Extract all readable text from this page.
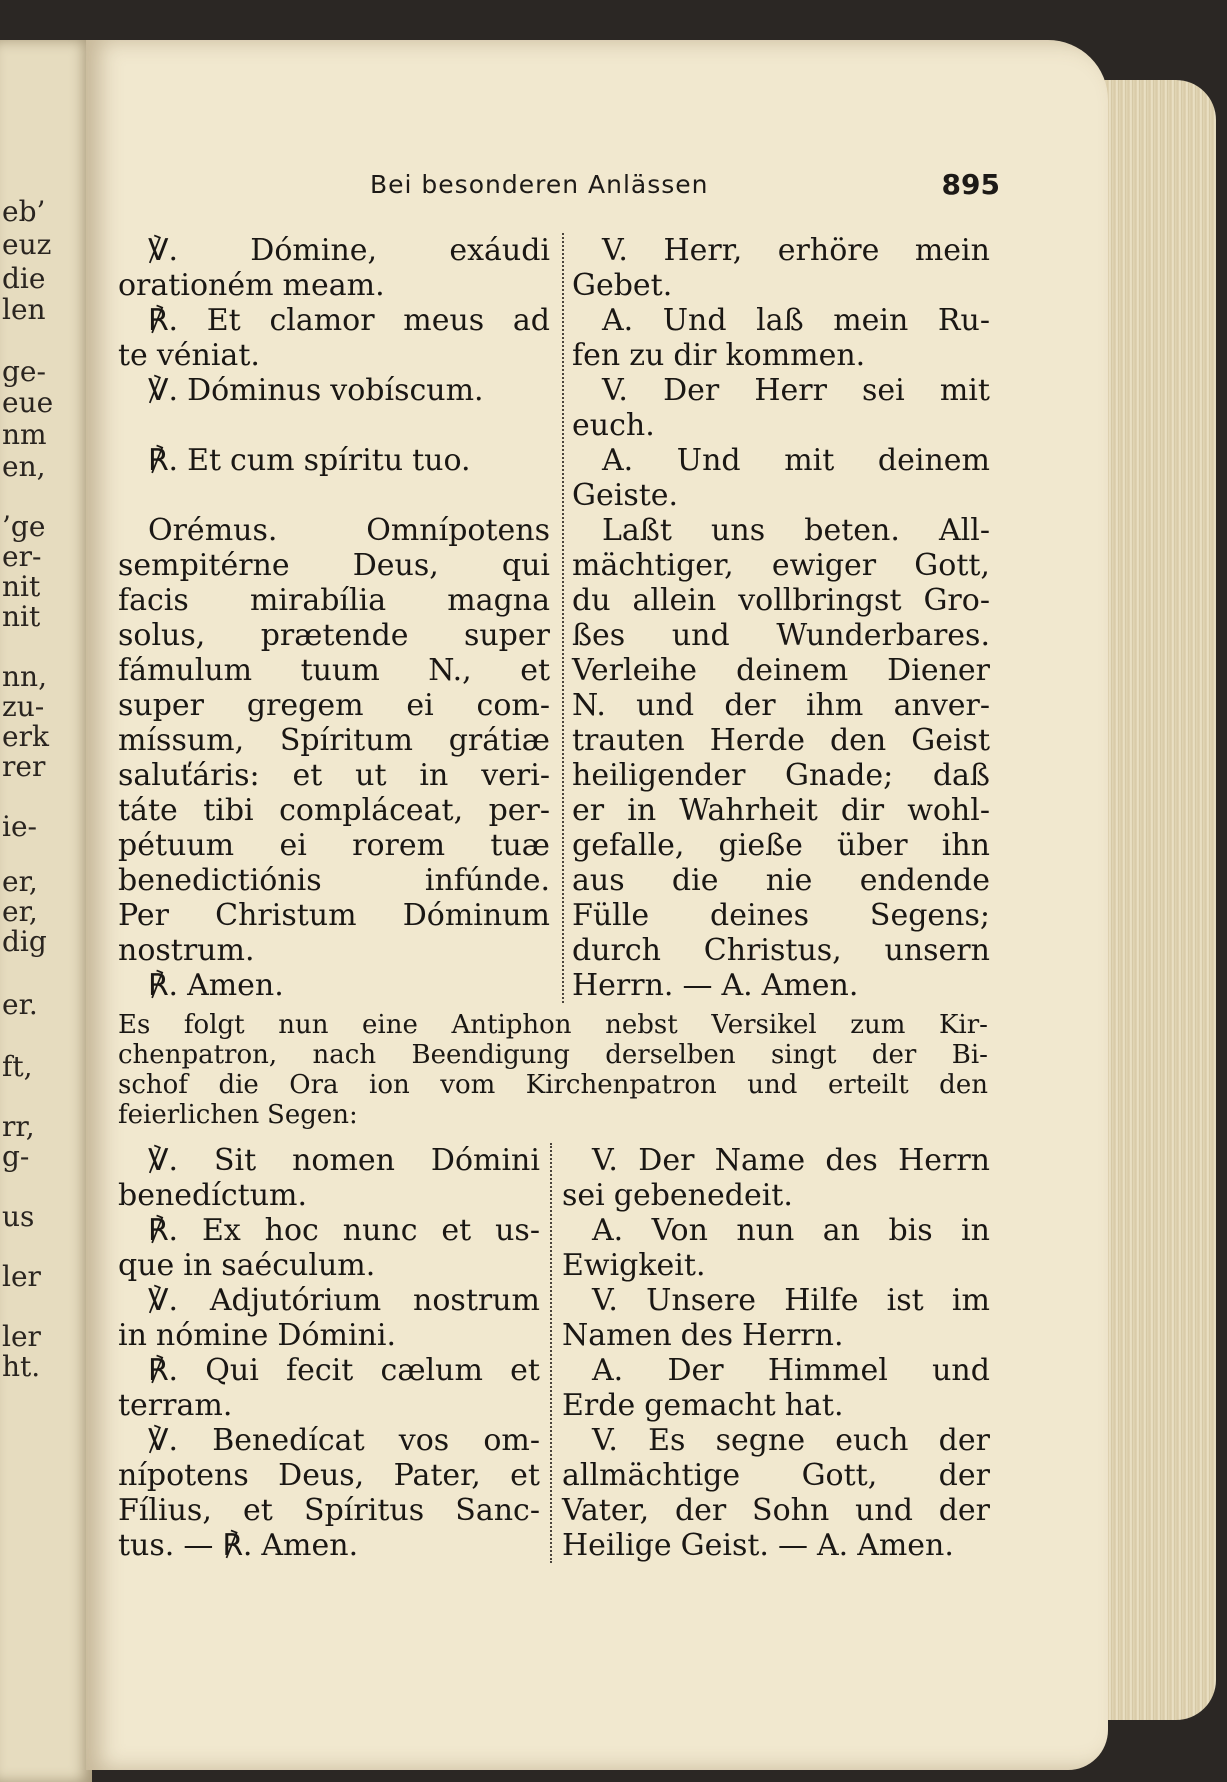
eb’
euz
die
len
ge-
eue
nm
en,
’ge
er-
nit
nit
nn,
zu-
erk
rer
ie-
er,
er,
dig
er.
ft,
rr,
g-
us
ler
ler
ht.
Bei besonderen Anlässen	895
℣. Dómine, exáudi
orationém meam.
℟. Et clamor meus ad
te véniat.
℣. Dóminus vobíscum.
℟. Et cum spíritu tuo.
Orémus.	Omnípotens
sempitérne Deus, qui
facis mirabília magna
solus, prætende super
fámulum tuum N., et
super gregem ei com-
míssum, Spíritum grátiæ
saluťáris: et ut in veri-
táte tibi compláceat, per-
pétuum ei rorem tuæ
benedictiónis	infúnde.
Per Christum Dóminum
nostrum.
℟. Amen.
V. Herr, erhöre mein
Gebet.
A. Und laß mein Ru-
fen zu dir kommen.
V. Der Herr sei mit
euch.
A. Und mit deinem
Geiste.
Laßt uns beten. All-
mächtiger, ewiger Gott,
du allein vollbringst Gro-
ßes und Wunderbares.
Verleihe deinem Diener
N. und der ihm anver-
trauten Herde den Geist
heiligender Gnade; daß
er in Wahrheit dir wohl-
gefalle, gieße über ihn
aus die nie endende
Fülle deines Segens;
durch Christus, unsern
Herrn. — A. Amen.
Es folgt nun eine Antiphon nebst Versikel zum Kir-
chenpatron, nach Beendigung derselben singt der Bi-
schof die Ora ion vom Kirchenpatron und erteilt den
feierlichen Segen:
℣. Sit nomen Dómini
benedíctum.
℟. Ex hoc nunc et us-
que in saéculum.
℣. Adjutórium nostrum
in nómine Dómini.
℟. Qui fecit cælum et
terram.
℣. Benedícat vos om-
nípotens Deus, Pater, et
Fílius, et Spíritus Sanc-
tus. — ℟. Amen.
V. Der Name des Herrn
sei gebenedeit.
A. Von nun an bis in
Ewigkeit.
V. Unsere Hilfe ist im
Namen des Herrn.
A. Der Himmel und
Erde gemacht hat.
V. Es segne euch der
allmächtige Gott, der
Vater, der Sohn und der
Heilige Geist. — A. Amen.
